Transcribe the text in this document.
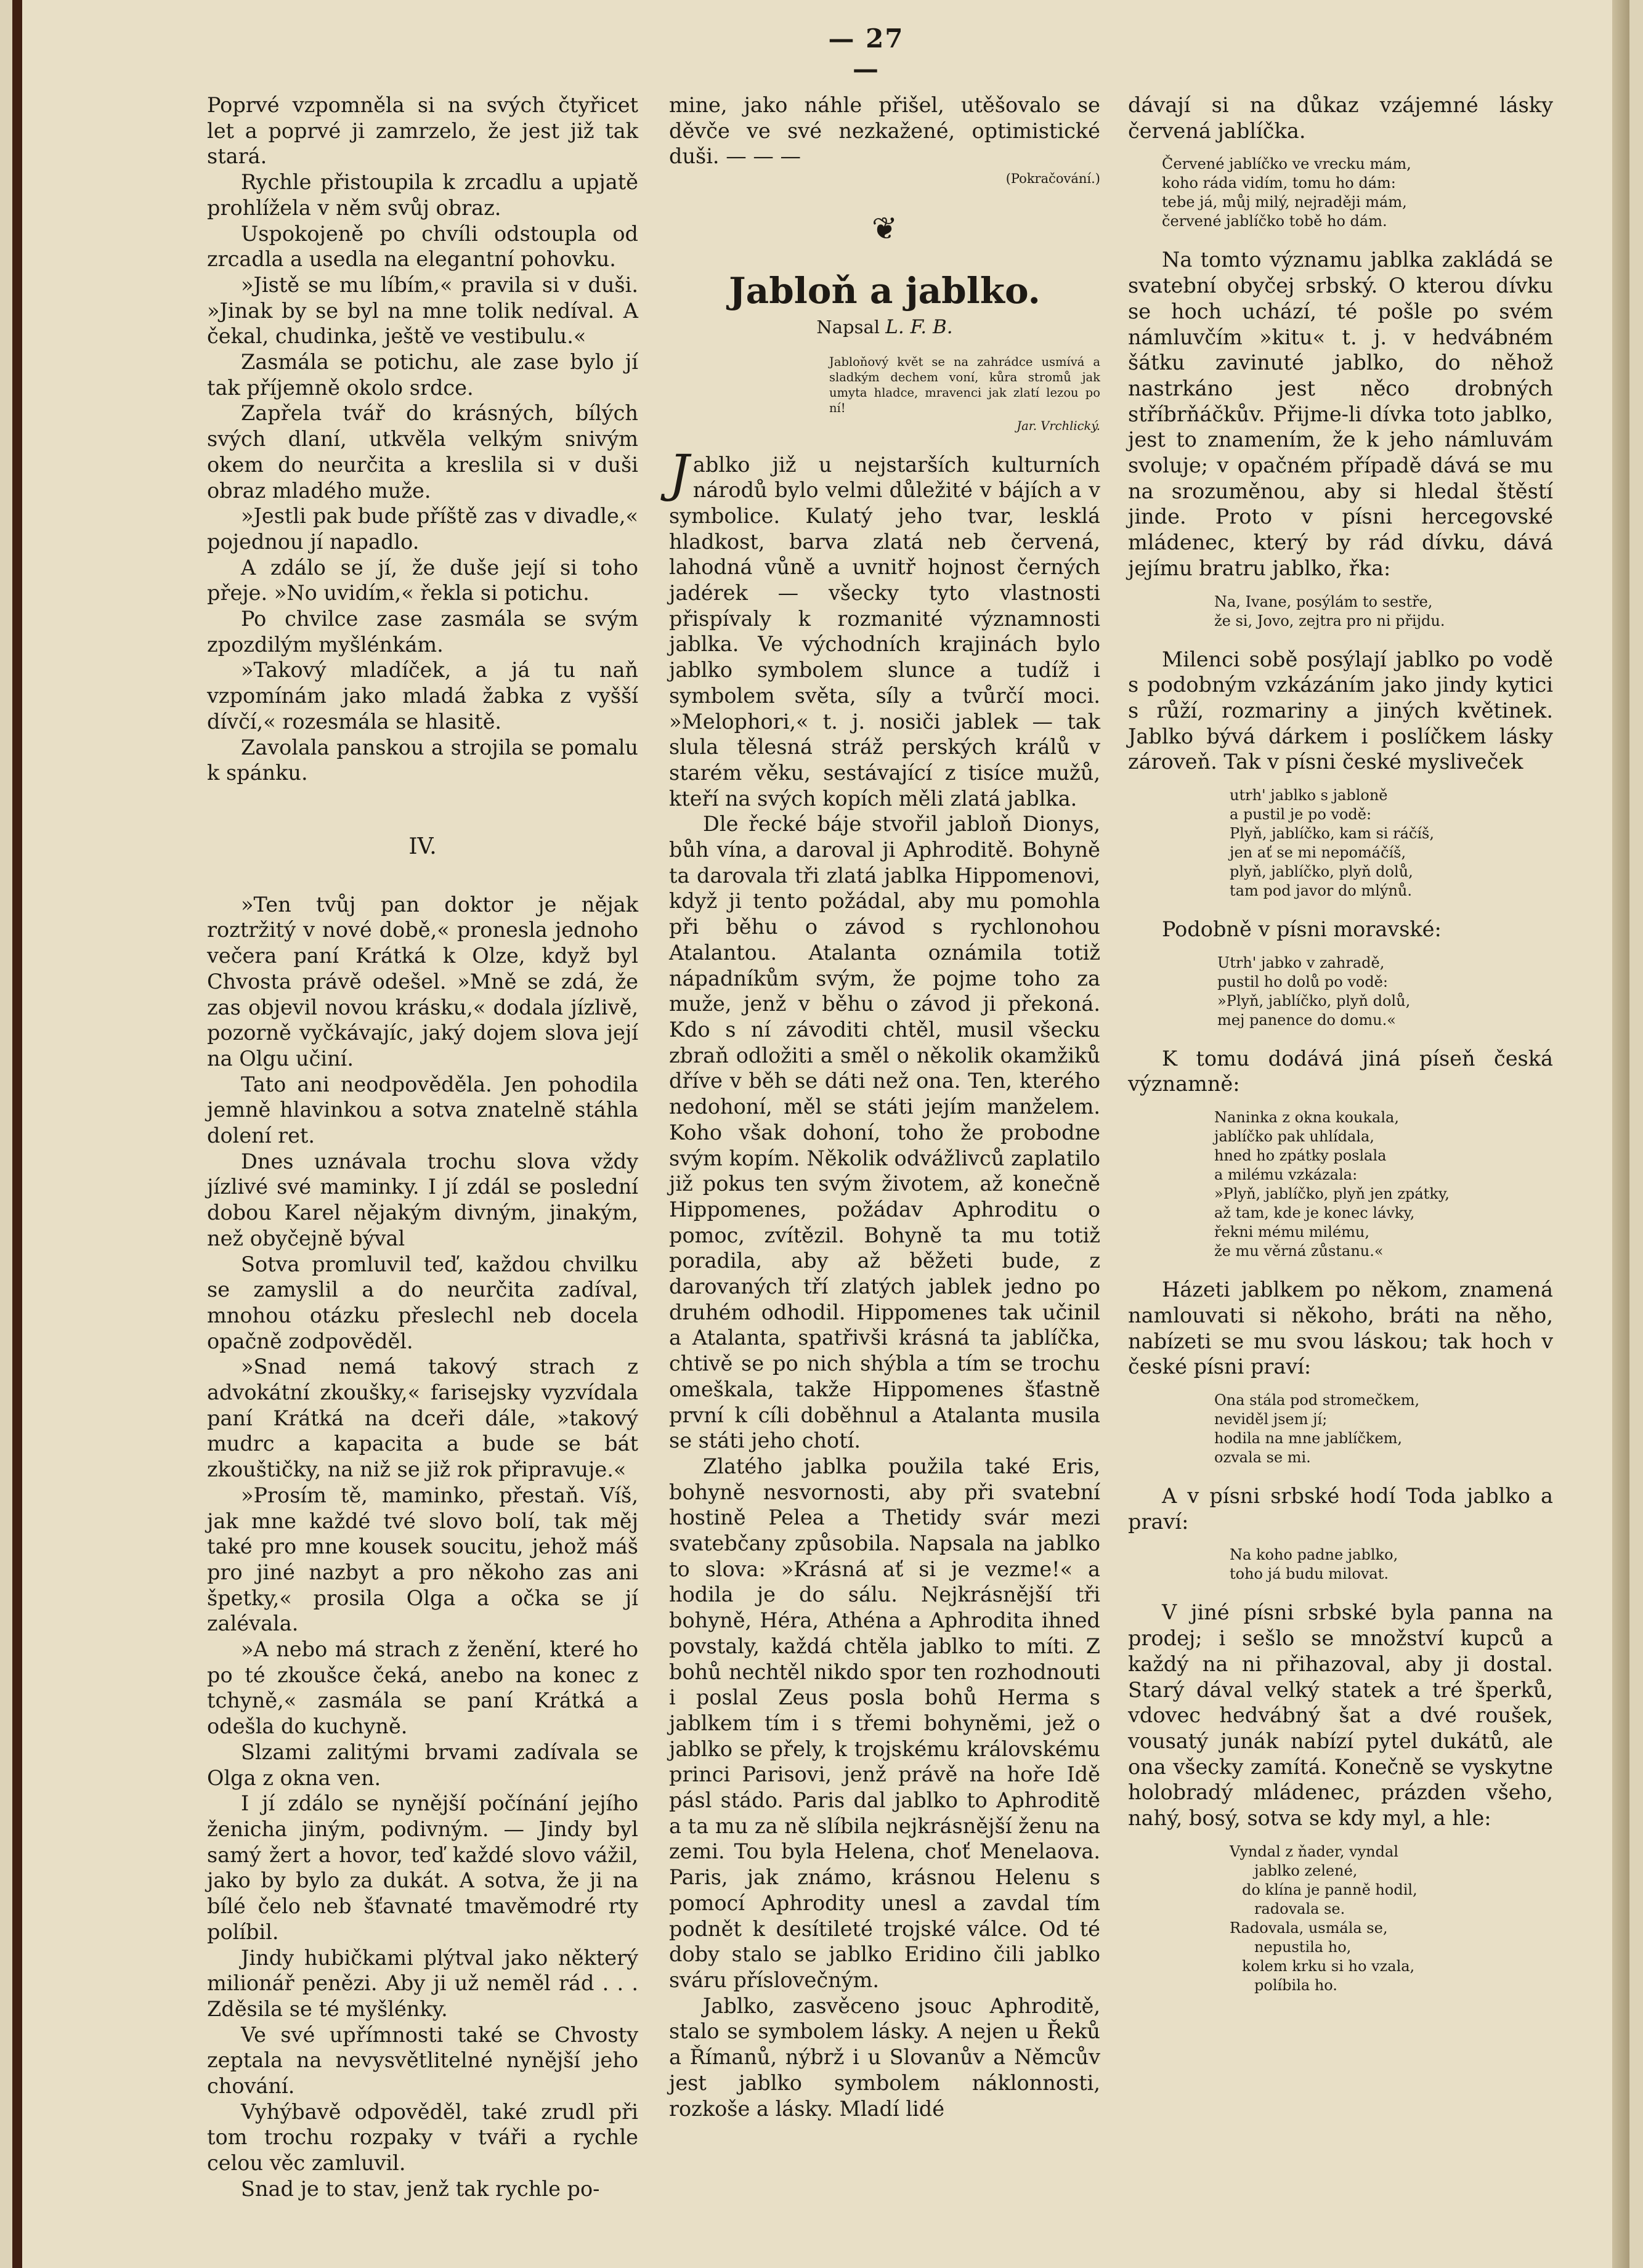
— 27 —

Poprvé vzpomněla si na svých čtyřicet let a poprvé ji zamrzelo, že jest již tak stará.

Rychle přistoupila k zrcadlu a upjatě prohlížela v něm svůj obraz.

Uspokojeně po chvíli odstoupla od zrcadla a usedla na elegantní pohovku.

»Jistě se mu líbím,« pravila si v duši. »Jinak by se byl na mne tolik nedíval. A čekal, chudinka, ještě ve vestibulu.«

Zasmála se potichu, ale zase bylo jí tak příjemně okolo srdce.

Zapřela tvář do krásných, bílých svých dlaní, utkvěla velkým snivým okem do neurčita a kreslila si v duši obraz mladého muže.

»Jestli pak bude příště zas v divadle,« pojednou jí napadlo.

A zdálo se jí, že duše její si toho přeje. »No uvidím,« řekla si potichu.

Po chvilce zase zasmála se svým zpozdilým myšlénkám.

»Takový mladíček, a já tu naň vzpomínám jako mladá žabka z vyšší dívčí,« rozesmála se hlasitě.

Zavolala panskou a strojila se pomalu k spánku.

IV.

»Ten tvůj pan doktor je nějak roztržitý v nové době,« pronesla jednoho večera paní Krátká k Olze, když byl Chvosta právě odešel. »Mně se zdá, že zas objevil novou krásku,« dodala jízlivě, pozorně vyčkávajíc, jaký dojem slova její na Olgu učiní.

Tato ani neodpověděla. Jen pohodila jemně hlavinkou a sotva znatelně stáhla dolení ret.

Dnes uznávala trochu slova vždy jízlivé své maminky. I jí zdál se poslední dobou Karel nějakým divným, jinakým, než obyčejně býval

Sotva promluvil teď, každou chvilku se zamyslil a do neurčita zadíval, mnohou otázku přeslechl neb docela opačně zodpověděl.

»Snad nemá takový strach z advokátní zkoušky,« farisejsky vyzvídala paní Krátká na dceři dále, »takový mudrc a kapacita a bude se bát zkouštičky, na niž se již rok připravuje.«

»Prosím tě, maminko, přestaň. Víš, jak mne každé tvé slovo bolí, tak měj také pro mne kousek soucitu, jehož máš pro jiné nazbyt a pro někoho zas ani špetky,« prosila Olga a očka se jí zalévala.

»A nebo má strach z ženění, které ho po té zkoušce čeká, anebo na konec z tchyně,« zasmála se paní Krátká a odešla do kuchyně.

Slzami zalitými brvami zadívala se Olga z okna ven.

I jí zdálo se nynější počínání jejího ženicha jiným, podivným. — Jindy byl samý žert a hovor, teď každé slovo vážil, jako by bylo za dukát. A sotva, že ji na bílé čelo neb šťavnaté tmavěmodré rty políbil.

Jindy hubičkami plýtval jako některý milionář penězi. Aby ji už neměl rád . . . Zděsila se té myšlénky.

Ve své upřímnosti také se Chvosty zeptala na nevysvětlitelné nynější jeho chování.

Vyhýbavě odpověděl, také zrudl při tom trochu rozpaky v tváři a rychle celou věc zamluvil.

Snad je to stav, jenž tak rychle po-

mine, jako náhle přišel, utěšovalo se děvče ve své nezkažené, optimistické duši. — — —

(Pokračování.)

❦
Jabloň a jablko.
Napsal L. F. B.
Jabloňový květ se na zahrádce usmívá a sladkým dechem voní, kůra stromů jak umyta hladce, mravenci jak zlatí lezou po ní!
Jar. Vrchlický.

Jablko již u nejstarších kulturních národů bylo velmi důležité v bájích a v symbolice. Kulatý jeho tvar, lesklá hladkost, barva zlatá neb červená, lahodná vůně a uvnitř hojnost černých jadérek — všecky tyto vlastnosti přispívaly k rozmanité významnosti jablka. Ve východních krajinách bylo jablko symbolem slunce a tudíž i symbolem světa, síly a tvůrčí moci. »Melophori,« t. j. nosiči jablek — tak slula tělesná stráž perských králů v starém věku, sestávající z tisíce mužů, kteří na svých kopích měli zlatá jablka.

Dle řecké báje stvořil jabloň Dionys, bůh vína, a daroval ji Aphroditě. Bohyně ta darovala tři zlatá jablka Hippomenovi, když ji tento požádal, aby mu pomohla při běhu o závod s rychlonohou Atalantou. Atalanta oznámila totiž nápadníkům svým, že pojme toho za muže, jenž v běhu o závod ji překoná. Kdo s ní závoditi chtěl, musil všecku zbraň odložiti a směl o několik okamžiků dříve v běh se dáti než ona. Ten, kterého nedohoní, měl se státi jejím manželem. Koho však dohoní, toho že probodne svým kopím. Několik odvážlivců zaplatilo již pokus ten svým životem, až konečně Hippomenes, požádav Aphroditu o pomoc, zvítězil. Bohyně ta mu totiž poradila, aby až běžeti bude, z darovaných tří zlatých jablek jedno po druhém odhodil. Hippomenes tak učinil a Atalanta, spatřivši krásná ta jablíčka, chtivě se po nich shýbla a tím se trochu omeškala, takže Hippomenes šťastně první k cíli doběhnul a Atalanta musila se státi jeho chotí.

Zlatého jablka použila také Eris, bohyně nesvornosti, aby při svatební hostině Pelea a Thetidy svár mezi svatebčany způsobila. Napsala na jablko to slova: »Krásná ať si je vezme!« a hodila je do sálu. Nejkrásnější tři bohyně, Héra, Athéna a Aphrodita ihned povstaly, každá chtěla jablko to míti. Z bohů nechtěl nikdo spor ten rozhodnouti i poslal Zeus posla bohů Herma s jablkem tím i s třemi bohyněmi, jež o jablko se přely, k trojskému královskému princi Parisovi, jenž právě na hoře Idě pásl stádo. Paris dal jablko to Aphroditě a ta mu za ně slíbila nejkrásnější ženu na zemi. Tou byla Helena, choť Menelaova. Paris, jak známo, krásnou Helenu s pomocí Aphrodity unesl a zavdal tím podnět k desítileté trojské válce. Od té doby stalo se jablko Eridino čili jablko sváru příslovečným.

Jablko, zasvěceno jsouc Aphroditě, stalo se symbolem lásky. A nejen u Řeků a Římanů, nýbrž i u Slovanův a Němcův jest jablko symbolem náklonnosti, rozkoše a lásky. Mladí lidé

dávají si na důkaz vzájemné lásky červená jablíčka.

Červené jablíčko ve vrecku mám,
koho ráda vidím, tomu ho dám:
tebe já, můj milý, nejraději mám,
červené jablíčko tobě ho dám.

Na tomto významu jablka zakládá se svatební obyčej srbský. O kterou dívku se hoch uchází, té pošle po svém námluvčím »kitu« t. j. v hedvábném šátku zavinuté jablko, do něhož nastrkáno jest něco drobných stříbrňáčkův. Přijme-li dívka toto jablko, jest to znamením, že k jeho námluvám svoluje; v opačném případě dává se mu na srozuměnou, aby si hledal štěstí jinde. Proto v písni hercegovské mládenec, který by rád dívku, dává jejímu bratru jablko, řka:

Na, Ivane, posýlám to sestře,
že si, Jovo, zejtra pro ni přijdu.

Milenci sobě posýlají jablko po vodě s podobným vzkázáním jako jindy kytici s růží, rozmariny a jiných květinek. Jablko bývá dárkem i poslíčkem lásky zároveň. Tak v písni české mysliveček

utrh' jablko s jabloně
a pustil je po vodě:
Plyň, jablíčko, kam si ráčíš,
jen ať se mi nepomáčíš,
plyň, jablíčko, plyň dolů,
tam pod javor do mlýnů.

Podobně v písni moravské:

Utrh' jabko v zahradě,
pustil ho dolů po vodě:
»Plyň, jablíčko, plyň dolů,
mej panence do domu.«

K tomu dodává jiná píseň česká významně:

Naninka z okna koukala,
jablíčko pak uhlídala,
hned ho zpátky poslala
a milému vzkázala:
»Plyň, jablíčko, plyň jen zpátky,
až tam, kde je konec lávky,
řekni mému milému,
že mu věrná zůstanu.«

Házeti jablkem po někom, znamená namlouvati si někoho, bráti na něho, nabízeti se mu svou láskou; tak hoch v české písni praví:

Ona stála pod stromečkem,
neviděl jsem jí;
hodila na mne jablíčkem,
ozvala se mi.

A v písni srbské hodí Toda jablko a praví:

Na koho padne jablko,
toho já budu milovat.

V jiné písni srbské byla panna na prodej; i sešlo se množství kupců a každý na ni přihazoval, aby ji dostal. Starý dával velký statek a tré šperků, vdovec hedvábný šat a dvé roušek, vousatý junák nabízí pytel dukátů, ale ona všecky zamítá. Konečně se vyskytne holobradý mládenec, prázden všeho, nahý, bosý, sotva se kdy myl, a hle:

Vyndal z ňader, vyndal
jablko zelené,
do klína je panně hodil,
radovala se.
Radovala, usmála se,
nepustila ho,
kolem krku si ho vzala,
políbila ho.
